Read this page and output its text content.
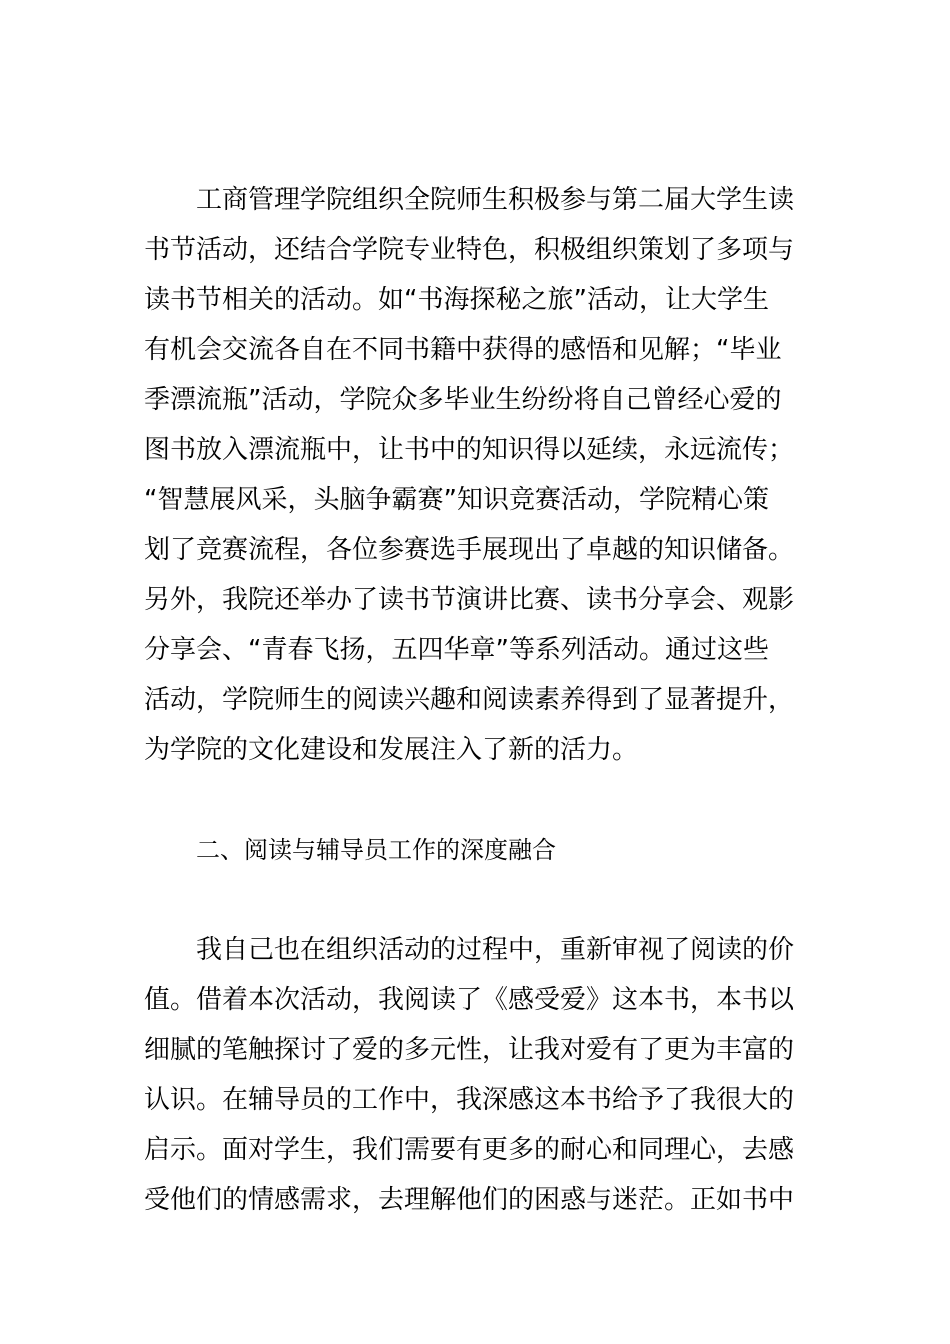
工商管理学院组织全院师生积极参与第二届大学生读

书节活动，还结合学院专业特色，积极组织策划了多项与

读书节相关的活动。如“书海探秘之旅”活动，让大学生

有机会交流各自在不同书籍中获得的感悟和见解；“毕业

季漂流瓶”活动，学院众多毕业生纷纷将自己曾经心爱的

图书放入漂流瓶中，让书中的知识得以延续，永远流传；

“智慧展风采，头脑争霸赛”知识竞赛活动，学院精心策

划了竞赛流程，各位参赛选手展现出了卓越的知识储备。

另外，我院还举办了读书节演讲比赛、读书分享会、观影

分享会、“青春飞扬，五四华章”等系列活动。通过这些

活动，学院师生的阅读兴趣和阅读素养得到了显著提升，

为学院的文化建设和发展注入了新的活力。

二、阅读与辅导员工作的深度融合

我自己也在组织活动的过程中，重新审视了阅读的价

值。借着本次活动，我阅读了《感受爱》这本书，本书以

细腻的笔触探讨了爱的多元性，让我对爱有了更为丰富的

认识。在辅导员的工作中，我深感这本书给予了我很大的

启示。面对学生，我们需要有更多的耐心和同理心，去感

受他们的情感需求，去理解他们的困惑与迷茫。正如书中
